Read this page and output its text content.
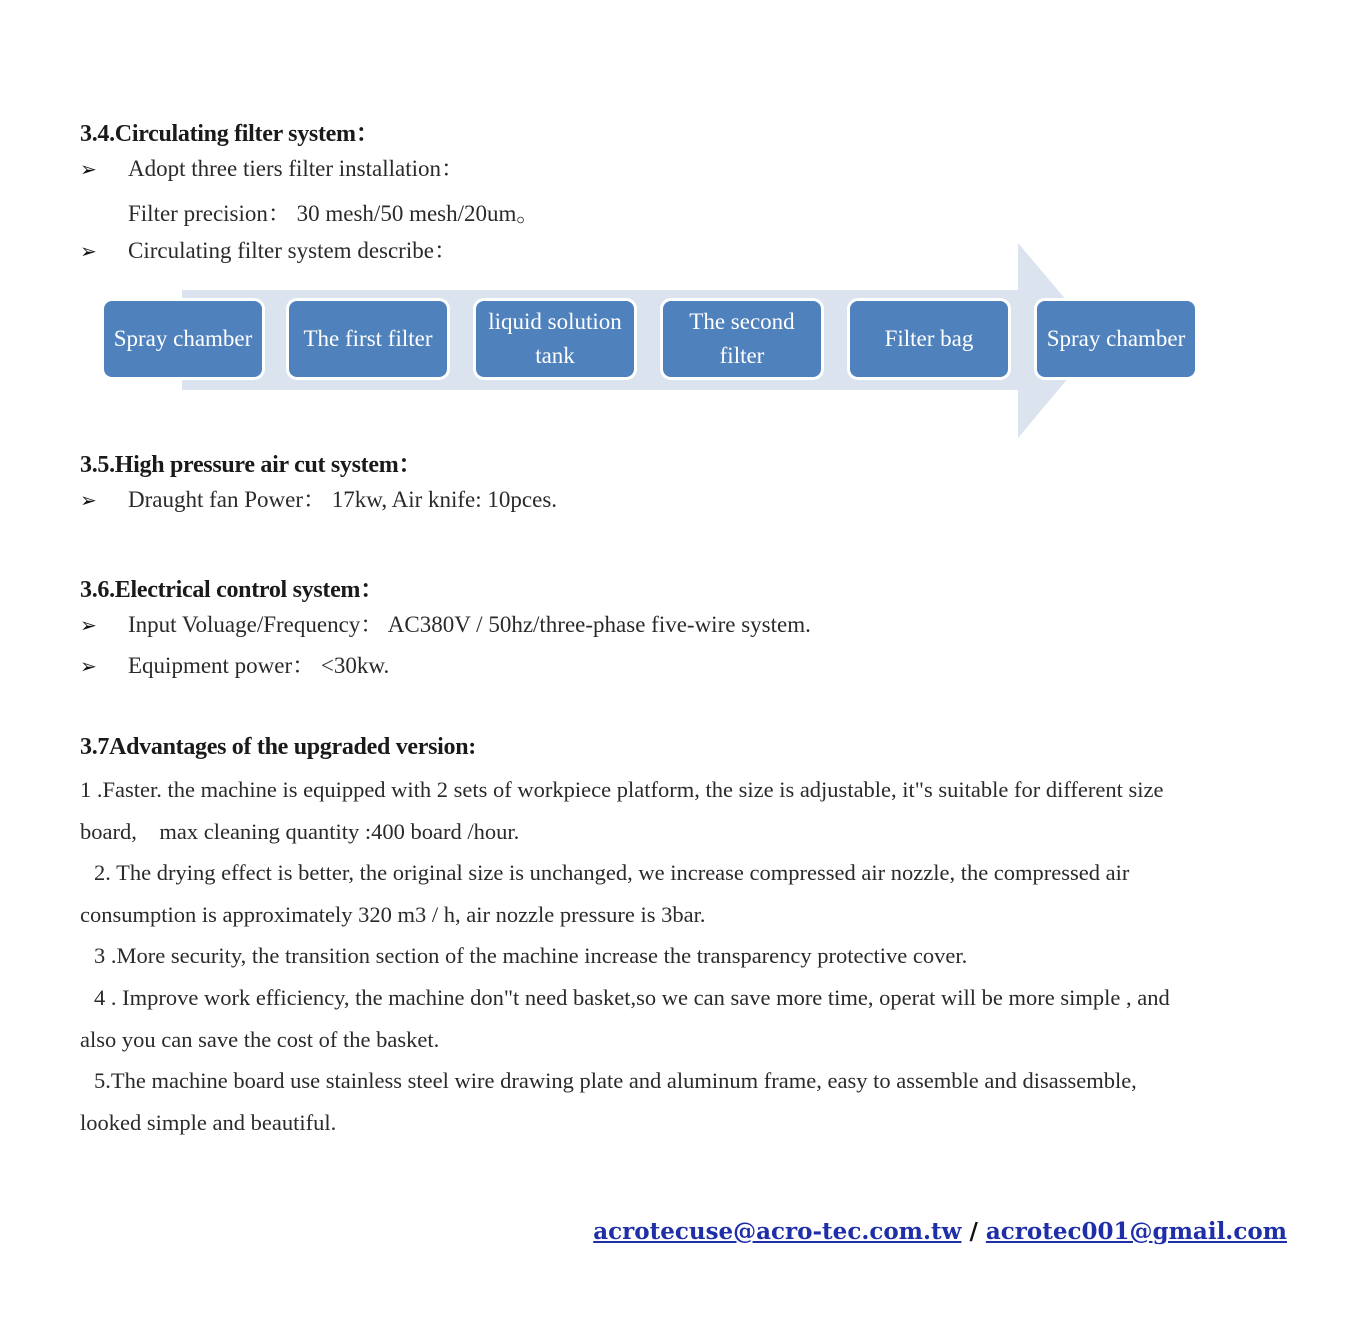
3.4.Circulating filter system：
➢ Adopt three tiers filter installation：
Filter precision： 30 mesh/50 mesh/20um。
➢ Circulating filter system describe：
Spray chamber The first filter
liquid solution tank
The second filter
Filter bag	Spray chamber
3.5.High pressure air cut system：
➢ Draught fan Power： 17kw, Air knife: 10pces.
3.6.Electrical control system：
➢ Input Voluage/Frequency： AC380V / 50hz/three-phase five-wire system.
➢ Equipment power： <30kw.
3.7Advantages of the upgraded version:

1 .Faster. the machine is equipped with 2 sets of workpiece platform, the size is adjustable, it"s suitable for different size board,　max cleaning quantity :400 board /hour.

2. The drying effect is better, the original size is unchanged, we increase compressed air nozzle, the compressed air consumption is approximately 320 m3 / h, air nozzle pressure is 3bar.

3 .More security, the transition section of the machine increase the transparency protective cover.

4 . Improve work efficiency, the machine don"t need basket,so we can save more time, operat will be more simple , and also you can save the cost of the basket.

5.The machine board use stainless steel wire drawing plate and aluminum frame, easy to assemble and disassemble, looked simple and beautiful.

acrotecuse@acro-tec.com.tw / acrotec001@gmail.com
